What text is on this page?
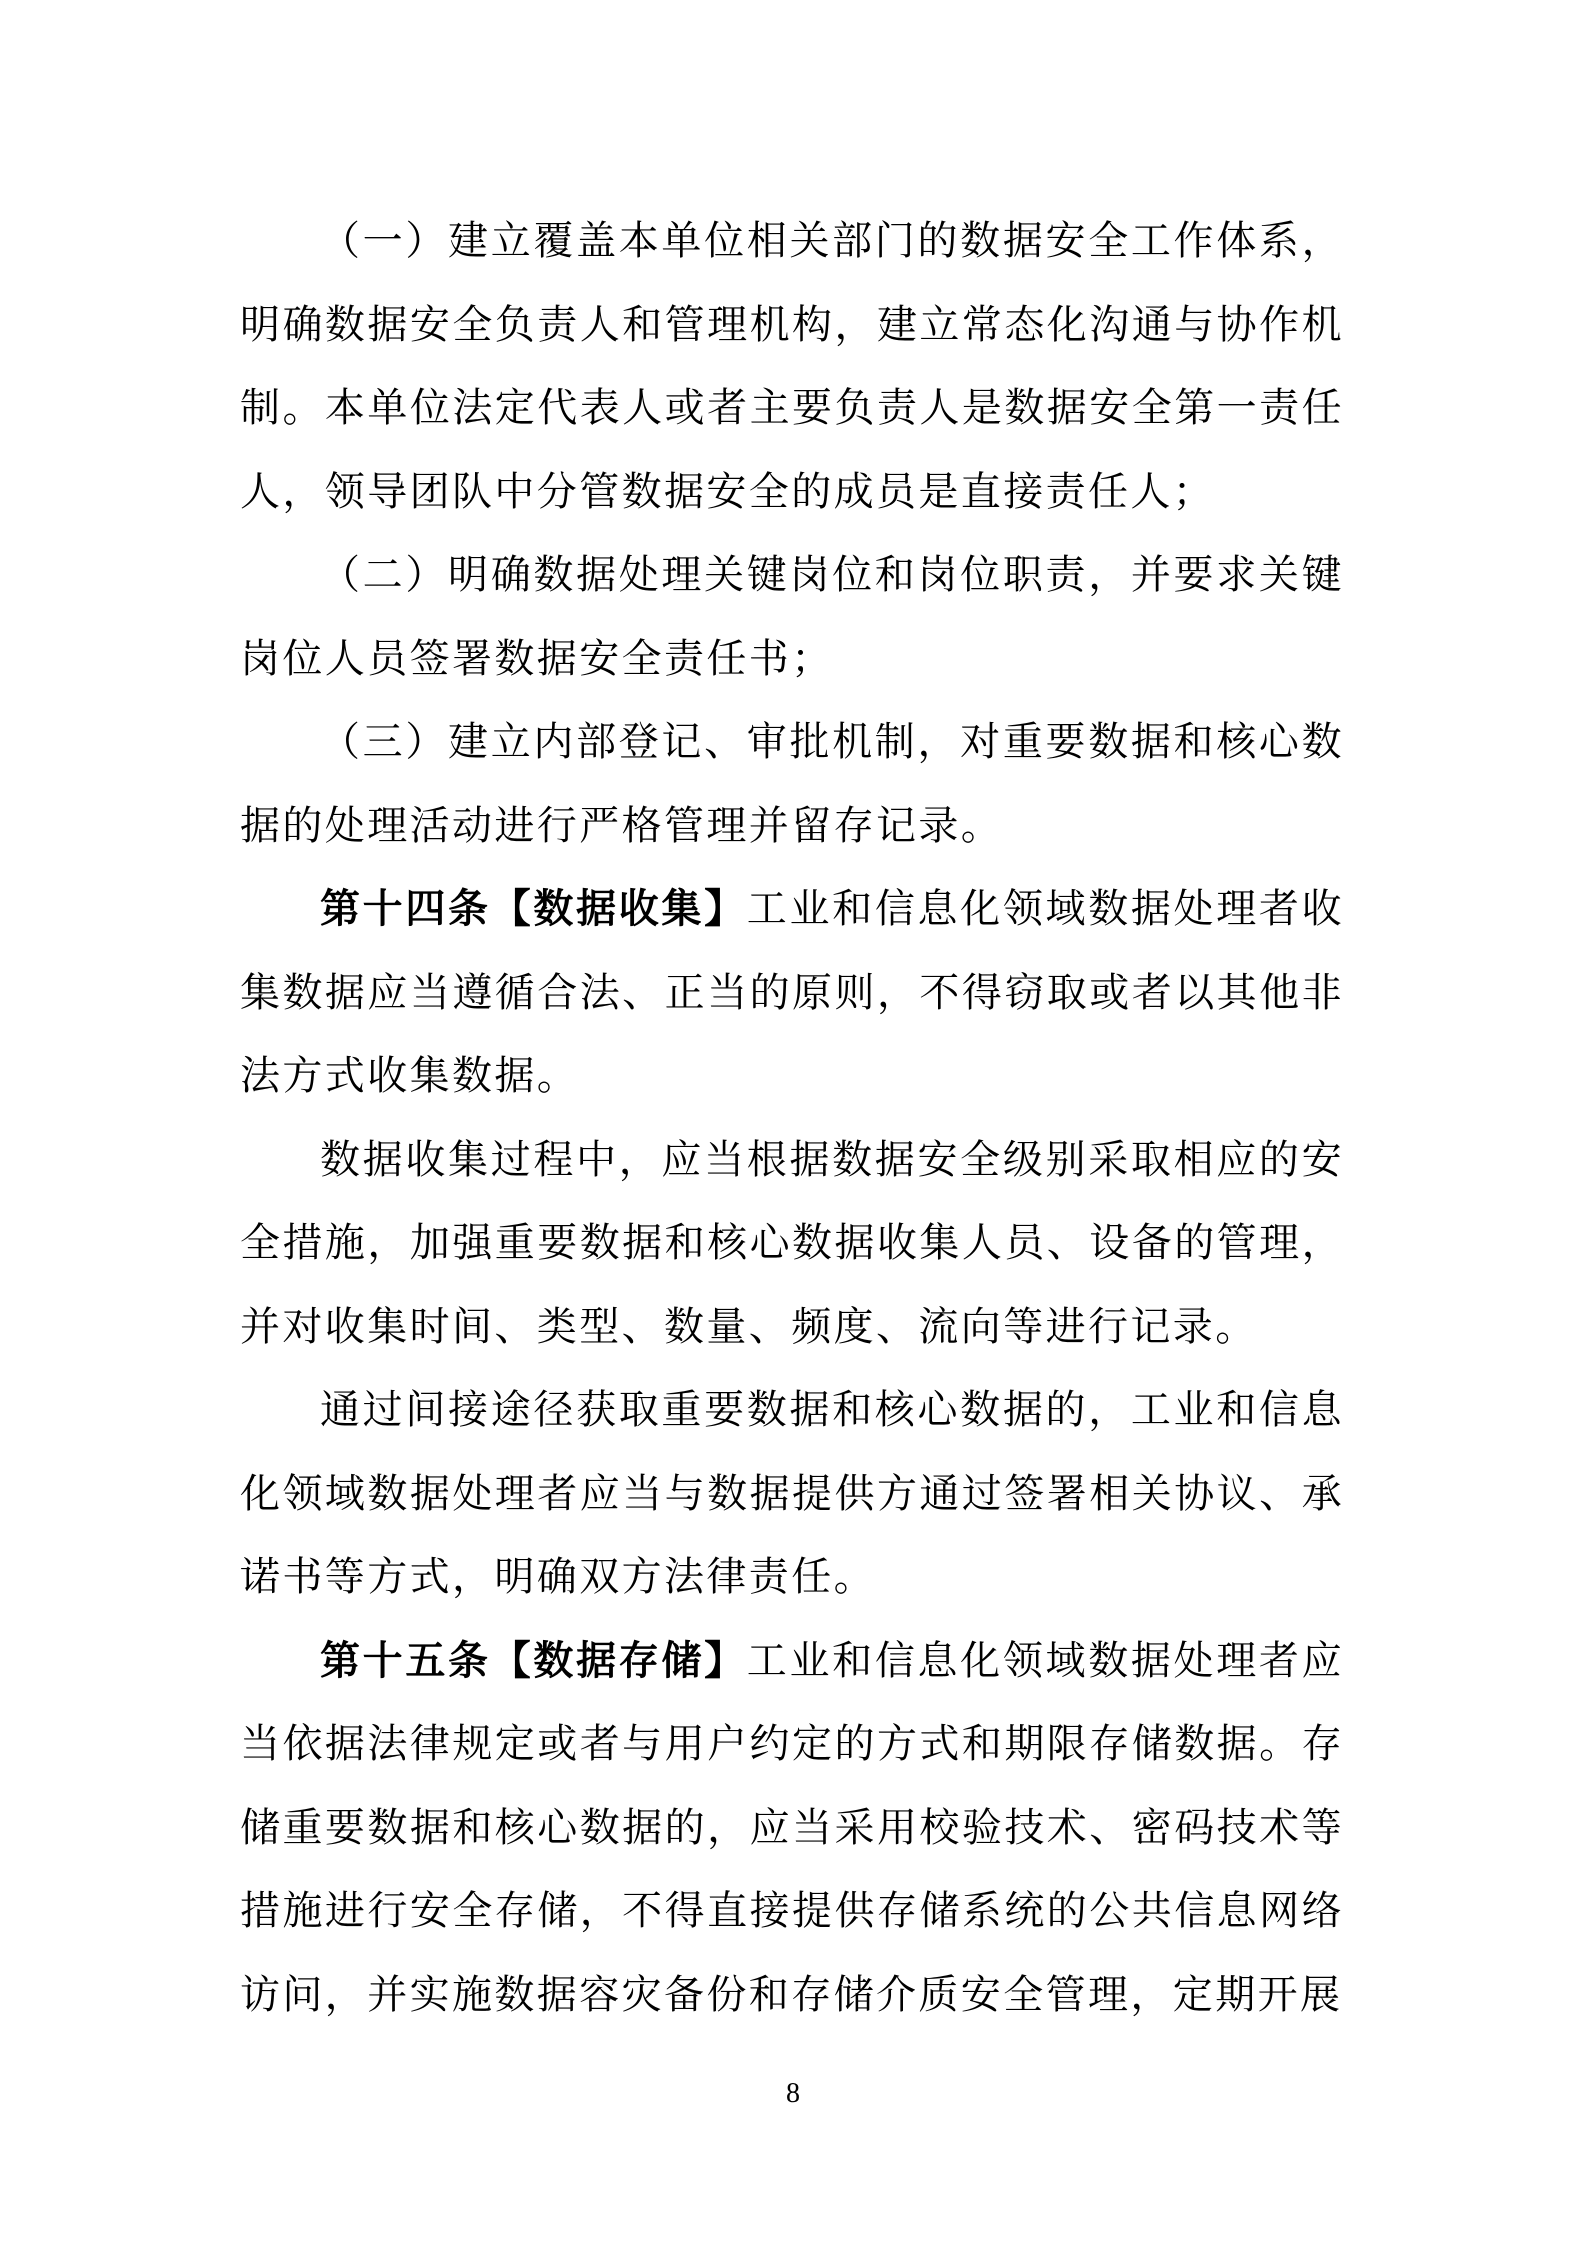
（一）建立覆盖本单位相关部门的数据安全工作体系，明确数据安全负责人和管理机构，建立常态化沟通与协作机制。本单位法定代表人或者主要负责人是数据安全第一责任人，领导团队中分管数据安全的成员是直接责任人；

（二）明确数据处理关键岗位和岗位职责，并要求关键岗位人员签署数据安全责任书；

（三）建立内部登记、审批机制，对重要数据和核心数据的处理活动进行严格管理并留存记录。

第十四条【数据收集】工业和信息化领域数据处理者收集数据应当遵循合法、正当的原则，不得窃取或者以其他非法方式收集数据。

数据收集过程中，应当根据数据安全级别采取相应的安全措施，加强重要数据和核心数据收集人员、设备的管理，并对收集时间、类型、数量、频度、流向等进行记录。

通过间接途径获取重要数据和核心数据的，工业和信息化领域数据处理者应当与数据提供方通过签署相关协议、承诺书等方式，明确双方法律责任。

第十五条【数据存储】工业和信息化领域数据处理者应当依据法律规定或者与用户约定的方式和期限存储数据。存储重要数据和核心数据的，应当采用校验技术、密码技术等措施进行安全存储，不得直接提供存储系统的公共信息网络访问，并实施数据容灾备份和存储介质安全管理，定期开展

8
